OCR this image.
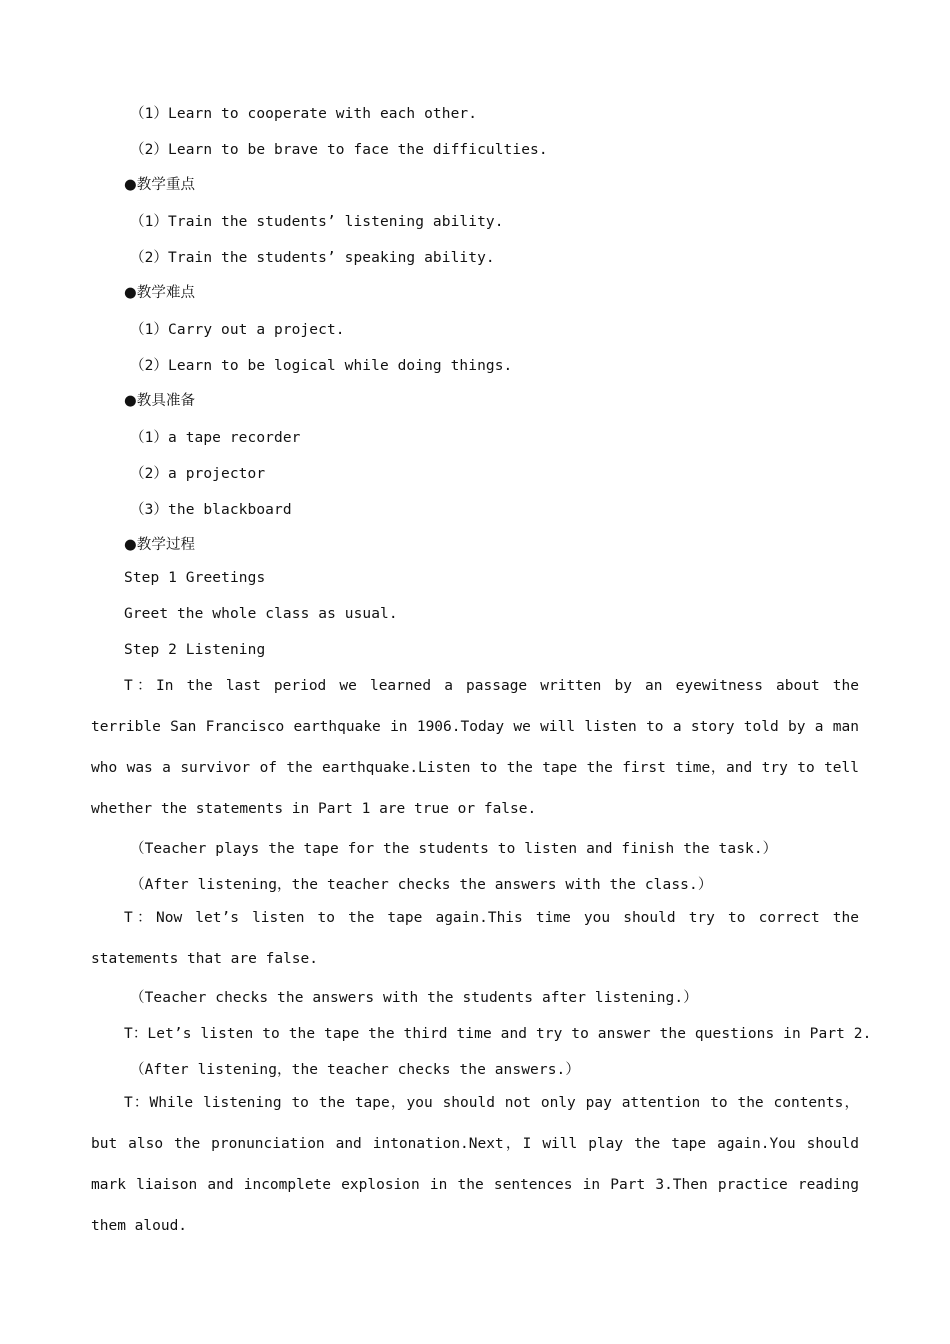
（1）Learn to cooperate with each other.
（2）Learn to be brave to face the difficulties.
●教学重点
（1）Train the students’ listening ability.
（2）Train the students’ speaking ability.
●教学难点
（1）Carry out a project.
（2）Learn to be logical while doing things.
●教具准备
（1）a tape recorder
（2）a projector
（3）the blackboard
●教学过程
Step 1 Greetings
Greet the whole class as usual.
Step 2 Listening
T：In the last period we learned a passage written by an eyewitness about the terrible San Francisco earthquake in 1906.Today we will listen to a story told by a man who was a survivor of the earthquake.Listen to the tape the first time，and try to tell whether the statements in Part 1 are true or false.
（Teacher plays the tape for the students to listen and finish the task.）
（After listening，the teacher checks the answers with the class.）
T：Now let’s listen to the tape again.This time you should try to correct the statements that are false.
（Teacher checks the answers with the students after listening.）
T：Let’s listen to the tape the third time and try to answer the questions in Part 2.
（After listening，the teacher checks the answers.）
T：While listening to the tape，you should not only pay attention to the contents，but also the pronunciation and intonation.Next，I will play the tape again.You should mark liaison and incomplete explosion in the sentences in Part 3.Then practice reading them aloud.
